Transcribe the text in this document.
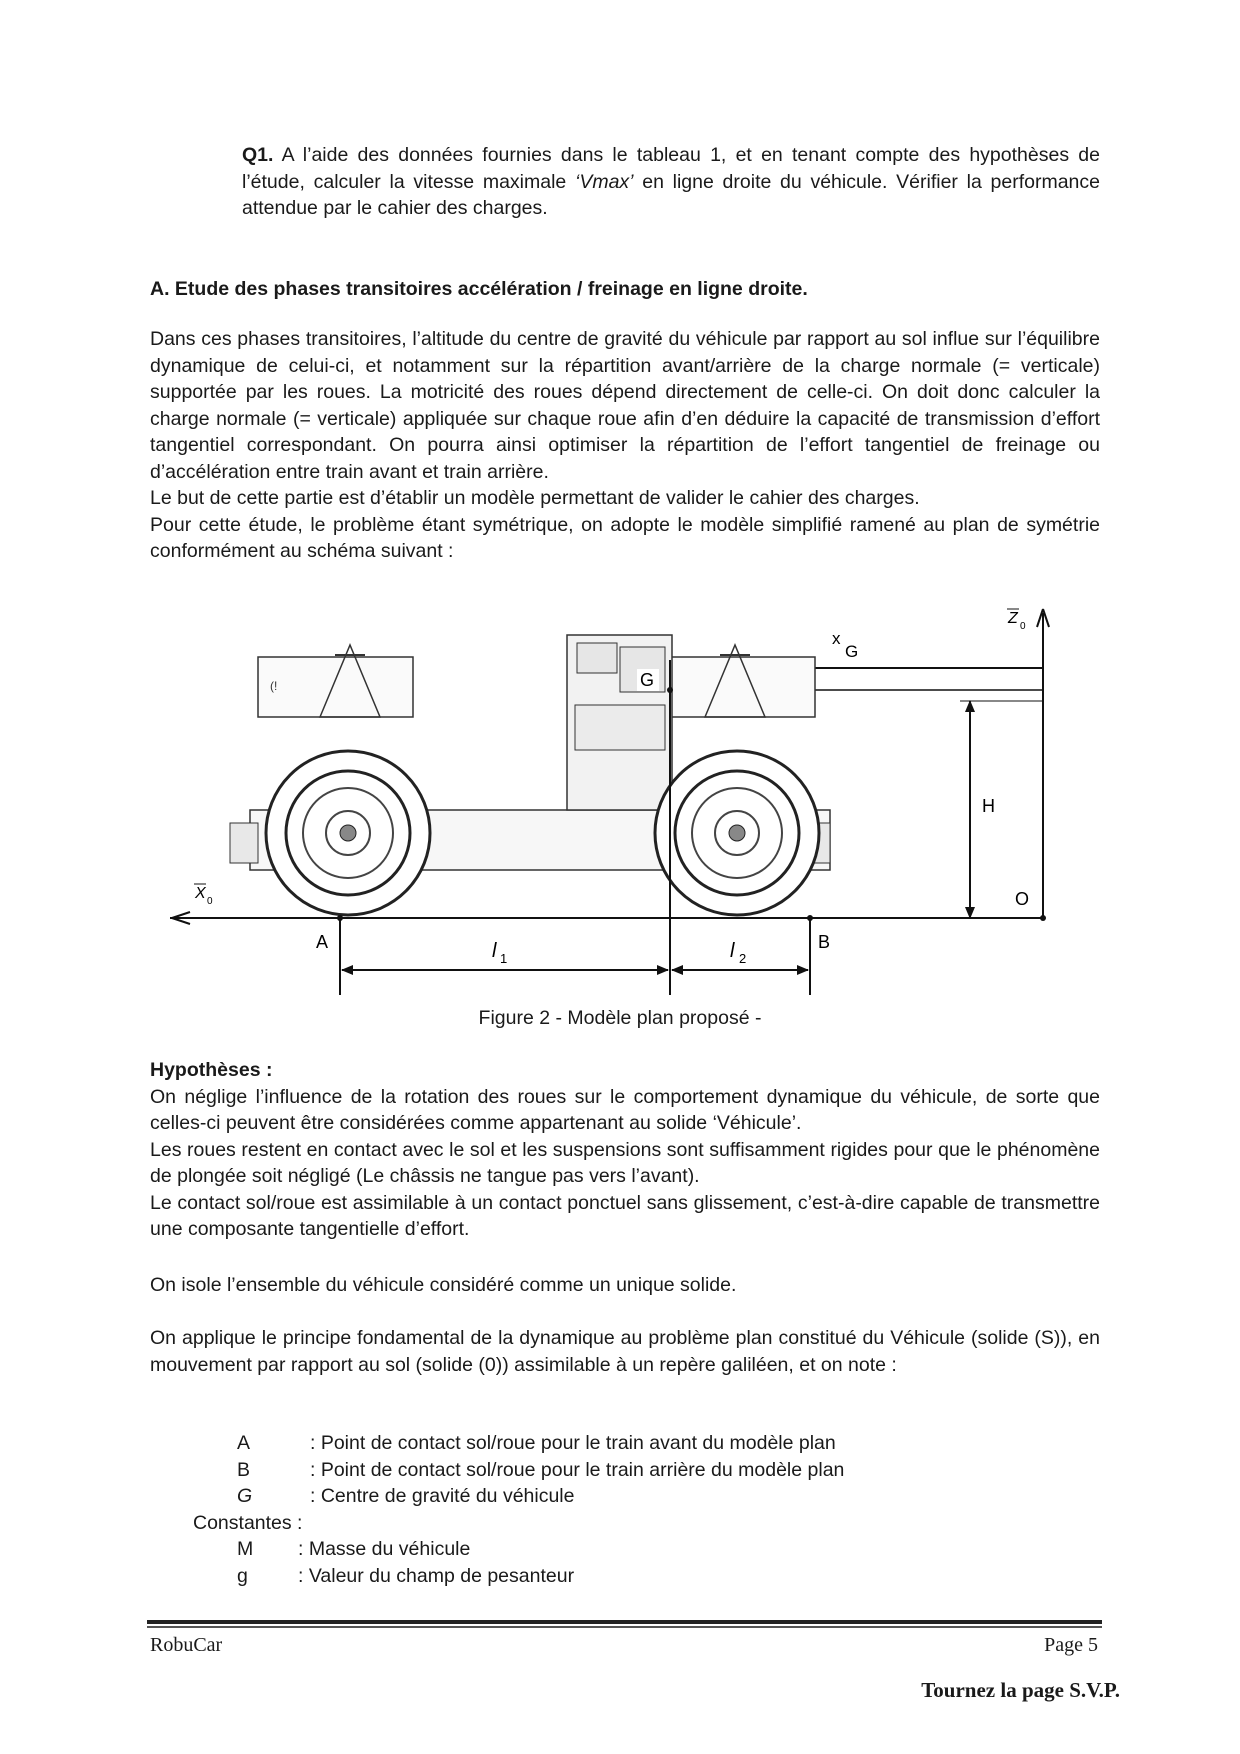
Q1. A l’aide des données fournies dans le tableau 1, et en tenant compte des hypothèses de l’étude, calculer la vitesse maximale ‘Vmax’ en ligne droite du véhicule. Vérifier la performance attendue par le cahier des charges.
A. Etude des phases transitoires accélération / freinage en ligne droite.

Dans ces phases transitoires, l’altitude du centre de gravité du véhicule par rapport au sol influe sur l’équilibre dynamique de celui-ci, et notamment sur la répartition avant/arrière de la charge normale (= verticale) supportée par les roues. La motricité des roues dépend directement de celle-ci. On doit donc calculer la charge normale (= verticale) appliquée sur chaque roue afin d’en déduire la capacité de transmission d’effort tangentiel correspondant. On pourra ainsi optimiser la répartition de l’effort tangentiel de freinage ou d’accélération entre train avant et train arrière.

Le but de cette partie est d’établir un modèle permettant de valider le cahier des charges.

Pour cette étude, le problème étant symétrique, on adopte le modèle simplifié ramené au plan de symétrie conformément au schéma suivant :

X 0
Z 0
O
x
G
H
(!	G
A	B
l 1	l 2
Figure 2 - Modèle plan proposé -

Hypothèses :

On néglige l’influence de la rotation des roues sur le comportement dynamique du véhicule, de sorte que celles-ci peuvent être considérées comme appartenant au solide ‘Véhicule’.

Les roues restent en contact avec le sol et les suspensions sont suffisamment rigides pour que le phénomène de plongée soit négligé (Le châssis ne tangue pas vers l’avant).

Le contact sol/roue est assimilable à un contact ponctuel sans glissement, c’est-à-dire capable de transmettre une composante tangentielle d’effort.

On isole l’ensemble du véhicule considéré comme un unique solide.
On applique le principe fondamental de la dynamique au problème plan constitué du Véhicule (solide (S)), en mouvement par rapport au sol (solide (0)) assimilable à un repère galiléen, et on note :
A	: Point de contact sol/roue pour le train avant du modèle plan
B	: Point de contact sol/roue pour le train arrière du modèle plan
G	: Centre de gravité du véhicule
Constantes :
M : Masse du véhicule
g	: Valeur du champ de pesanteur
RobuCar	Page 5
Tournez la page S.V.P.
